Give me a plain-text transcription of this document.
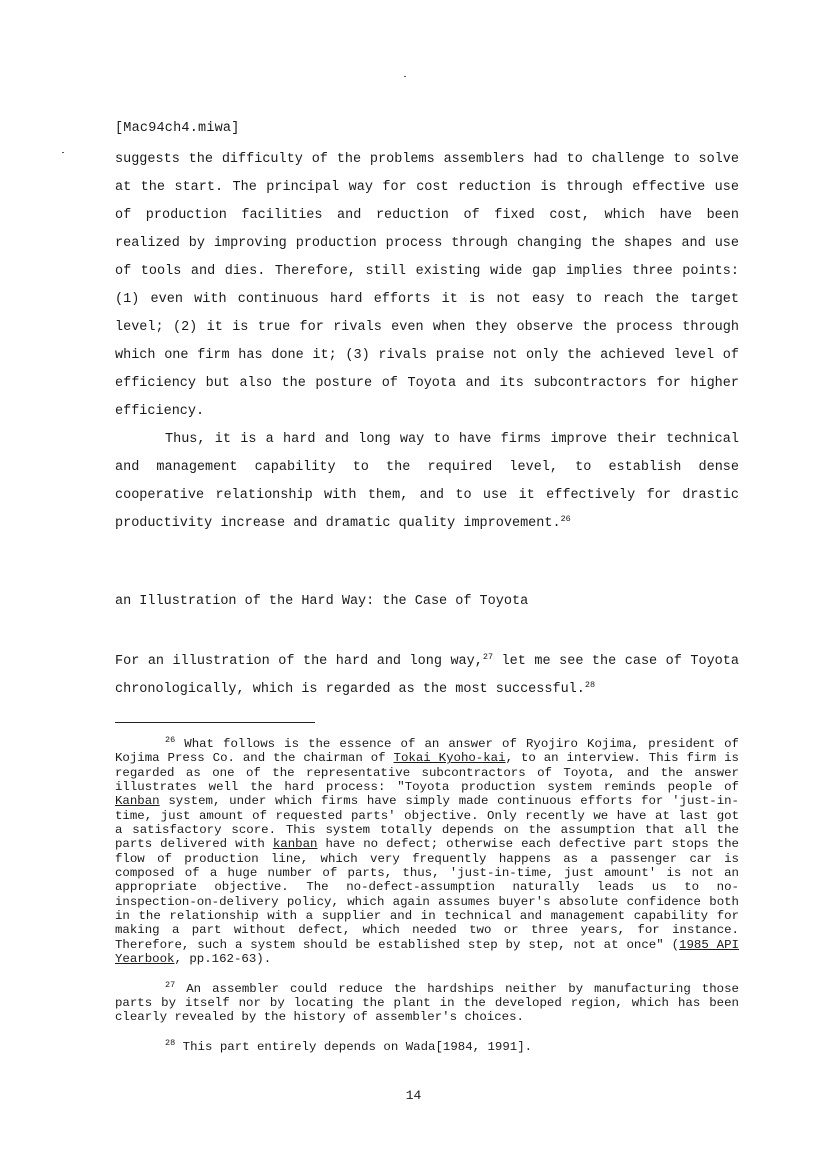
[Mac94ch4.miwa]

suggests the difficulty of the problems assemblers had to challenge to solve at the start. The principal way for cost reduction is through effective use of production facilities and reduction of fixed cost, which have been realized by improving production process through changing the shapes and use of tools and dies. Therefore, still existing wide gap implies three points: (1) even with continuous hard efforts it is not easy to reach the target level; (2) it is true for rivals even when they observe the process through which one firm has done it; (3) rivals praise not only the achieved level of efficiency but also the posture of Toyota and its subcontractors for higher efficiency.

Thus, it is a hard and long way to have firms improve their technical and management capability to the required level, to establish dense cooperative relationship with them, and to use it effectively for drastic productivity increase and dramatic quality improvement.$^{26}$

an Illustration of the Hard Way: the Case of Toyota

For an illustration of the hard and long way,$^{27}$ let me see the case of Toyota chronologically, which is regarded as the most successful.$^{28}$

$^{26}$ What follows is the essence of an answer of Ryojiro Kojima, president of Kojima Press Co. and the chairman of Tokai Kyoho-kai, to an interview. This firm is regarded as one of the representative subcontractors of Toyota, and the answer illustrates well the hard process: "Toyota production system reminds people of Kanban system, under which firms have simply made continuous efforts for 'just-in-time, just amount of requested parts' objective. Only recently we have at last got a satisfactory score. This system totally depends on the assumption that all the parts delivered with kanban have no defect; otherwise each defective part stops the flow of production line, which very frequently happens as a passenger car is composed of a huge number of parts, thus, 'just-in-time, just amount' is not an appropriate objective. The no-defect-assumption naturally leads us to no-inspection-on-delivery policy, which again assumes buyer's absolute confidence both in the relationship with a supplier and in technical and management capability for making a part without defect, which needed two or three years, for instance. Therefore, such a system should be established step by step, not at once" (1985 API Yearbook, pp.162-63).

$^{27}$ An assembler could reduce the hardships neither by manufacturing those parts by itself nor by locating the plant in the developed region, which has been clearly revealed by the history of assembler's choices.

$^{28}$ This part entirely depends on Wada[1984, 1991].

14
